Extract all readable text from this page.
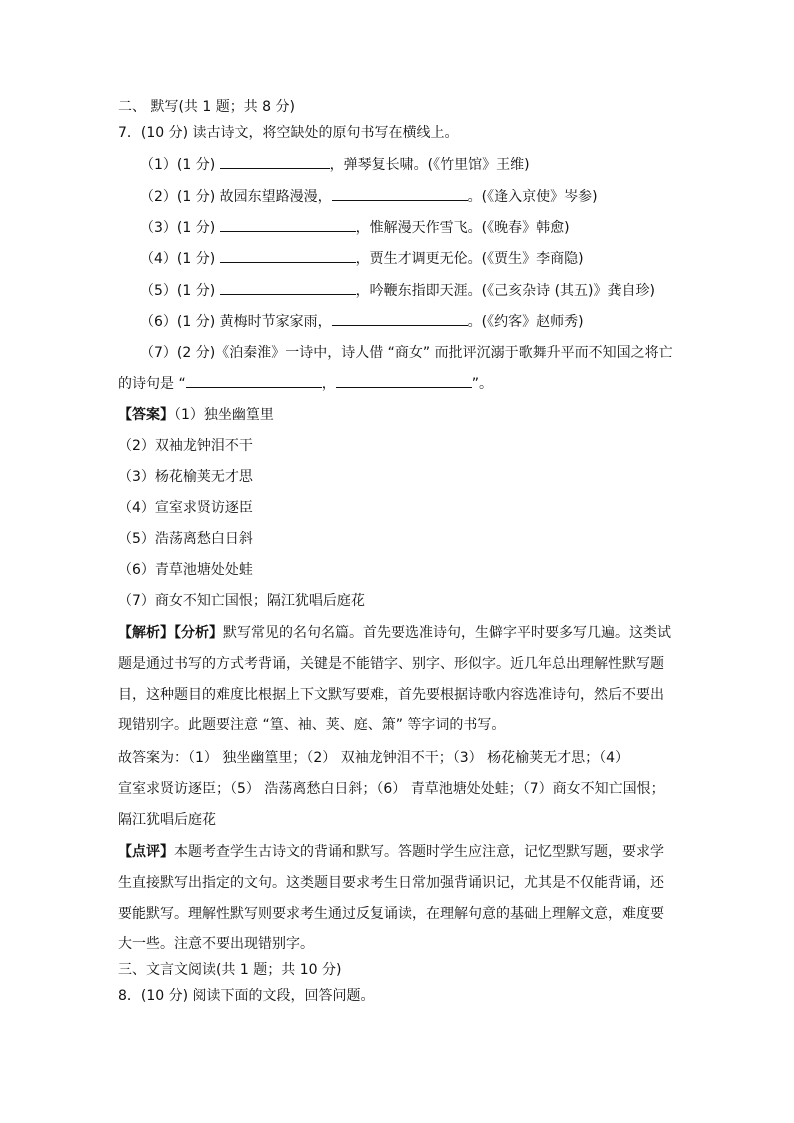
二、 默写(共 1 题；共 8 分)
7．(10 分) 读古诗文，将空缺处的原句书写在横线上。
（1）(1 分)	，弹琴复长啸。(《竹里馆》王维)
（2）(1 分) 故园东望路漫漫，	。(《逢入京使》岑参)
（3）(1 分)	，惟解漫天作雪飞。(《晚春》韩愈)
（4）(1 分)	，贾生才调更无伦。(《贾生》李商隐)
（5）(1 分)	，吟鞭东指即天涯。(《己亥杂诗 (其五)》龚自珍)
（6）(1 分) 黄梅时节家家雨，	。(《约客》赵师秀)
（7）(2 分)《泊秦淮》一诗中，诗人借 “商女” 而批评沉溺于歌舞升平而不知国之将亡
的诗句是 “	，	”。
【答案】（1）独坐幽篁里
（2）双袖龙钟泪不干
（3）杨花榆荚无才思
（4）宣室求贤访逐臣
（5）浩荡离愁白日斜
（6）青草池塘处处蛙
（7）商女不知亡国恨；隔江犹唱后庭花
【解析】【分析】默写常见的名句名篇。首先要选准诗句，生僻字平时要多写几遍。这类试
题是通过书写的方式考背诵，关键是不能错字、别字、形似字。近几年总出理解性默写题
目，这种题目的难度比根据上下文默写要难，首先要根据诗歌内容选准诗句，然后不要出
现错别字。此题要注意 “篁、袖、荚、庭、箫” 等字词的书写。
故答案为：（1） 独坐幽篁里；（2） 双袖龙钟泪不干；（3） 杨花榆荚无才思；（4）
宣室求贤访逐臣；（5） 浩荡离愁白日斜；（6） 青草池塘处处蛙；（7）商女不知亡国恨；
隔江犹唱后庭花
【点评】本题考查学生古诗文的背诵和默写。答题时学生应注意，记忆型默写题，要求学
生直接默写出指定的文句。这类题目要求考生日常加强背诵识记，尤其是不仅能背诵，还
要能默写。理解性默写则要求考生通过反复诵读，在理解句意的基础上理解文意，难度要
大一些。注意不要出现错别字。
三、文言文阅读(共 1 题；共 10 分)
8．(10 分) 阅读下面的文段，回答问题。
